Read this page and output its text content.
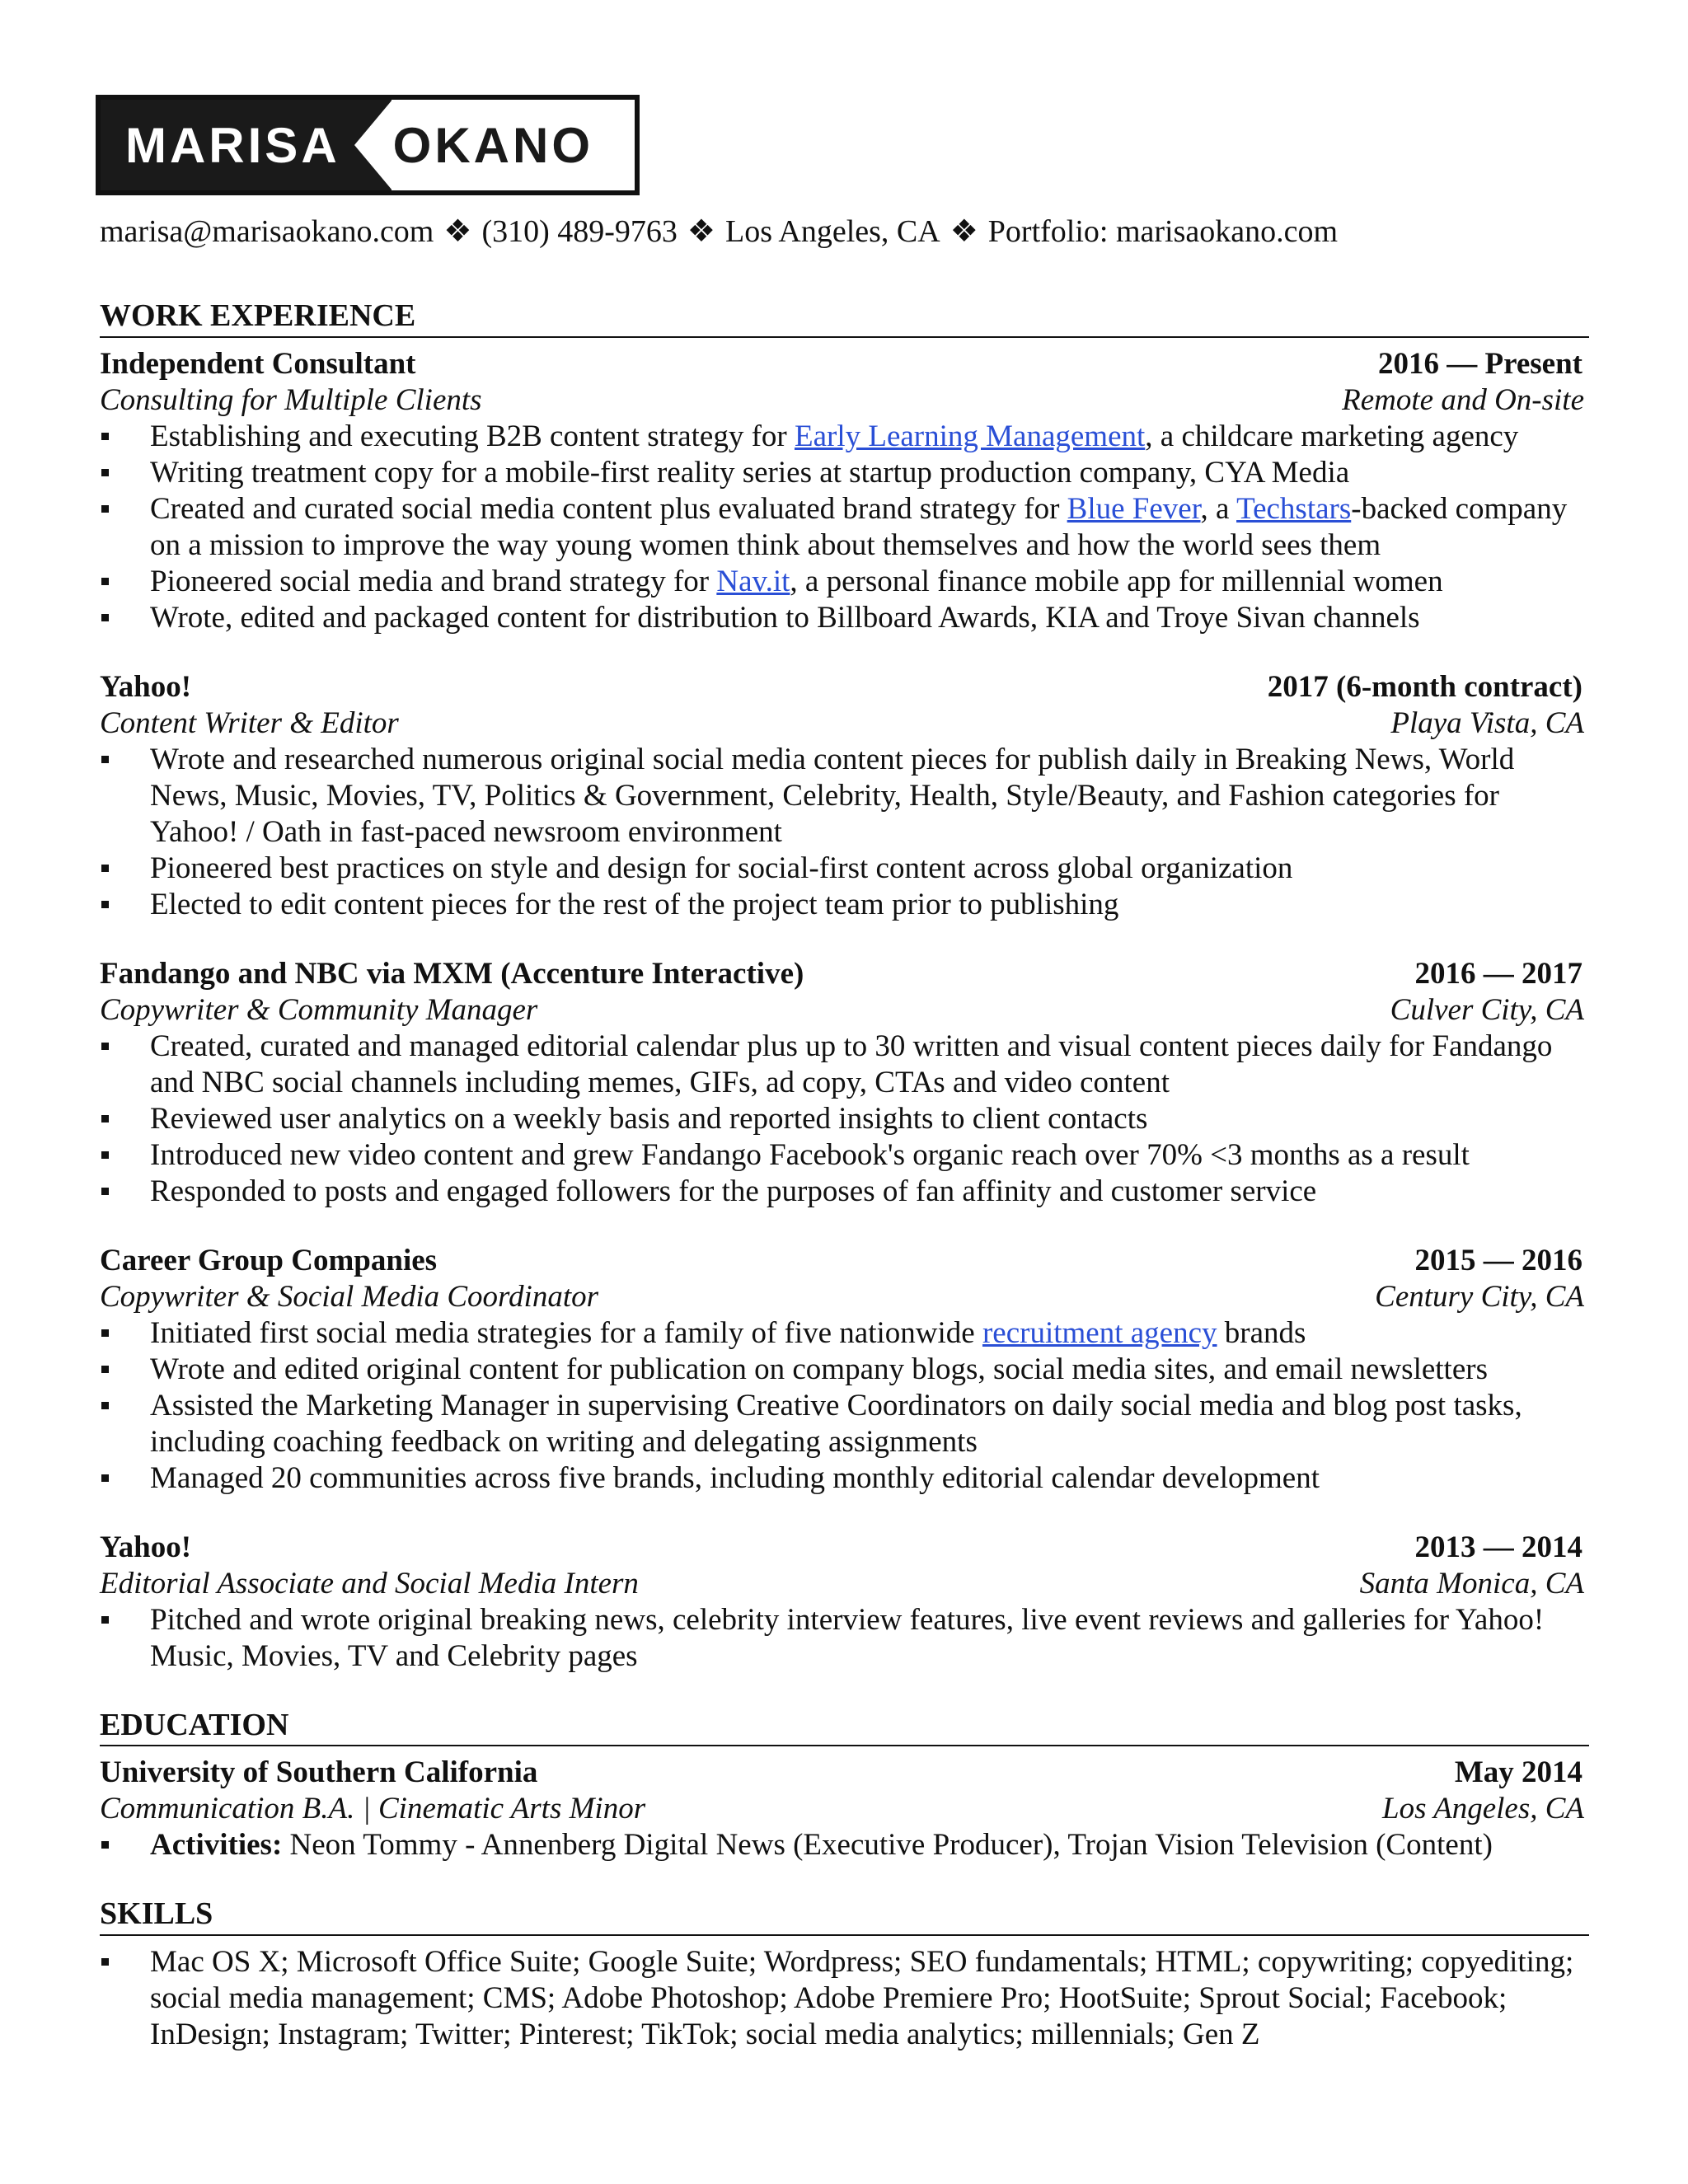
MARISA	OKANO
marisa@marisaokano.com ❖ (310) 489-9763 ❖ Los Angeles, CA ❖ Portfolio: marisaokano.com
WORK EXPERIENCE
Independent Consultant	2016 — Present
Consulting for Multiple Clients	Remote and On-site
Establishing and executing B2B content strategy for Early Learning Management, a childcare marketing agency
Writing treatment copy for a mobile-first reality series at startup production company, CYA Media
Created and curated social media content plus evaluated brand strategy for Blue Fever, a Techstars-backed company on a mission to improve the way young women think about themselves and how the world sees them
Pioneered social media and brand strategy for Nav.it, a personal finance mobile app for millennial women
Wrote, edited and packaged content for distribution to Billboard Awards, KIA and Troye Sivan channels
Yahoo!	2017 (6-month contract)
Content Writer & Editor	Playa Vista, CA
Wrote and researched numerous original social media content pieces for publish daily in Breaking News, World News, Music, Movies, TV, Politics & Government, Celebrity, Health, Style/Beauty, and Fashion categories for Yahoo! / Oath in fast-paced newsroom environment
Pioneered best practices on style and design for social-first content across global organization
Elected to edit content pieces for the rest of the project team prior to publishing
Fandango and NBC via MXM (Accenture Interactive)	2016 — 2017
Copywriter & Community Manager	Culver City, CA
Created, curated and managed editorial calendar plus up to 30 written and visual content pieces daily for Fandango and NBC social channels including memes, GIFs, ad copy, CTAs and video content
Reviewed user analytics on a weekly basis and reported insights to client contacts
Introduced new video content and grew Fandango Facebook's organic reach over 70% <3 months as a result
Responded to posts and engaged followers for the purposes of fan affinity and customer service
Career Group Companies	2015 — 2016
Copywriter & Social Media Coordinator	Century City, CA
Initiated first social media strategies for a family of five nationwide recruitment agency brands
Wrote and edited original content for publication on company blogs, social media sites, and email newsletters
Assisted the Marketing Manager in supervising Creative Coordinators on daily social media and blog post tasks, including coaching feedback on writing and delegating assignments
Managed 20 communities across five brands, including monthly editorial calendar development
Yahoo!	2013 — 2014
Editorial Associate and Social Media Intern	Santa Monica, CA
Pitched and wrote original breaking news, celebrity interview features, live event reviews and galleries for Yahoo! Music, Movies, TV and Celebrity pages
EDUCATION
University of Southern California	May 2014
Communication B.A. | Cinematic Arts Minor	Los Angeles, CA
Activities: Neon Tommy - Annenberg Digital News (Executive Producer), Trojan Vision Television (Content)
SKILLS
Mac OS X; Microsoft Office Suite; Google Suite; Wordpress; SEO fundamentals; HTML; copywriting; copyediting; social media management; CMS; Adobe Photoshop; Adobe Premiere Pro; HootSuite; Sprout Social; Facebook; InDesign; Instagram; Twitter; Pinterest; TikTok; social media analytics; millennials; Gen Z
